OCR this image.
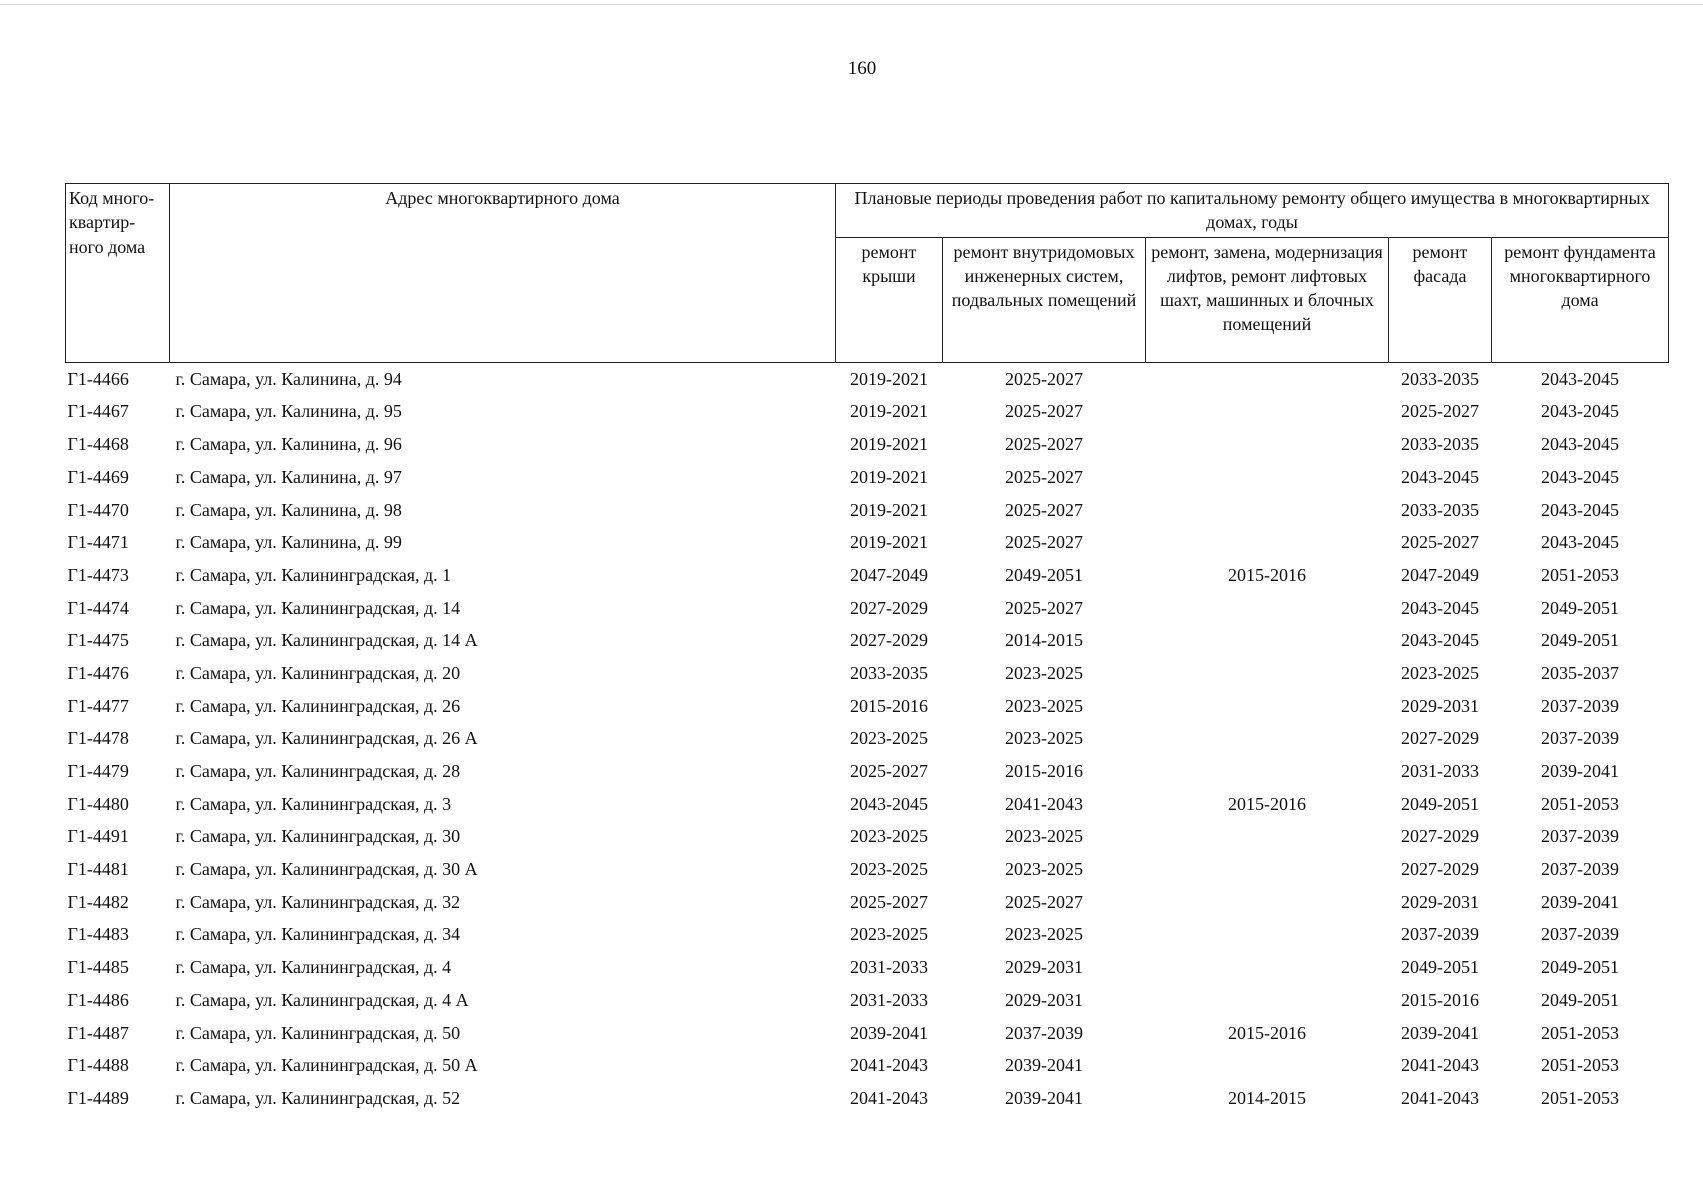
160
Код много-квартир-ного дома	Адрес многоквартирного дома	Плановые периоды проведения работ по капитальному ремонту общего имущества в многоквартирных домах, годы				
		ремонт крыши	ремонт внутридомовых инженерных систем, подвальных помещений	ремонт, замена, модернизация лифтов, ремонт лифтовых шахт, машинных и блочных помещений	ремонт фасада	ремонт фундамента многоквартирного дома
Г1-4466	г. Самара, ул. Калинина, д. 94	2019-2021	2025-2027		2033-2035	2043-2045
Г1-4467	г. Самара, ул. Калинина, д. 95	2019-2021	2025-2027		2025-2027	2043-2045
Г1-4468	г. Самара, ул. Калинина, д. 96	2019-2021	2025-2027		2033-2035	2043-2045
Г1-4469	г. Самара, ул. Калинина, д. 97	2019-2021	2025-2027		2043-2045	2043-2045
Г1-4470	г. Самара, ул. Калинина, д. 98	2019-2021	2025-2027		2033-2035	2043-2045
Г1-4471	г. Самара, ул. Калинина, д. 99	2019-2021	2025-2027		2025-2027	2043-2045
Г1-4473	г. Самара, ул. Калининградская, д. 1	2047-2049	2049-2051	2015-2016	2047-2049	2051-2053
Г1-4474	г. Самара, ул. Калининградская, д. 14	2027-2029	2025-2027		2043-2045	2049-2051
Г1-4475	г. Самара, ул. Калининградская, д. 14 А	2027-2029	2014-2015		2043-2045	2049-2051
Г1-4476	г. Самара, ул. Калининградская, д. 20	2033-2035	2023-2025		2023-2025	2035-2037
Г1-4477	г. Самара, ул. Калининградская, д. 26	2015-2016	2023-2025		2029-2031	2037-2039
Г1-4478	г. Самара, ул. Калининградская, д. 26 А	2023-2025	2023-2025		2027-2029	2037-2039
Г1-4479	г. Самара, ул. Калининградская, д. 28	2025-2027	2015-2016		2031-2033	2039-2041
Г1-4480	г. Самара, ул. Калининградская, д. 3	2043-2045	2041-2043	2015-2016	2049-2051	2051-2053
Г1-4491	г. Самара, ул. Калининградская, д. 30	2023-2025	2023-2025		2027-2029	2037-2039
Г1-4481	г. Самара, ул. Калининградская, д. 30 А	2023-2025	2023-2025		2027-2029	2037-2039
Г1-4482	г. Самара, ул. Калининградская, д. 32	2025-2027	2025-2027		2029-2031	2039-2041
Г1-4483	г. Самара, ул. Калининградская, д. 34	2023-2025	2023-2025		2037-2039	2037-2039
Г1-4485	г. Самара, ул. Калининградская, д. 4	2031-2033	2029-2031		2049-2051	2049-2051
Г1-4486	г. Самара, ул. Калининградская, д. 4 А	2031-2033	2029-2031		2015-2016	2049-2051
Г1-4487	г. Самара, ул. Калининградская, д. 50	2039-2041	2037-2039	2015-2016	2039-2041	2051-2053
Г1-4488	г. Самара, ул. Калининградская, д. 50 А	2041-2043	2039-2041		2041-2043	2051-2053
Г1-4489	г. Самара, ул. Калининградская, д. 52	2041-2043	2039-2041	2014-2015	2041-2043	2051-2053
